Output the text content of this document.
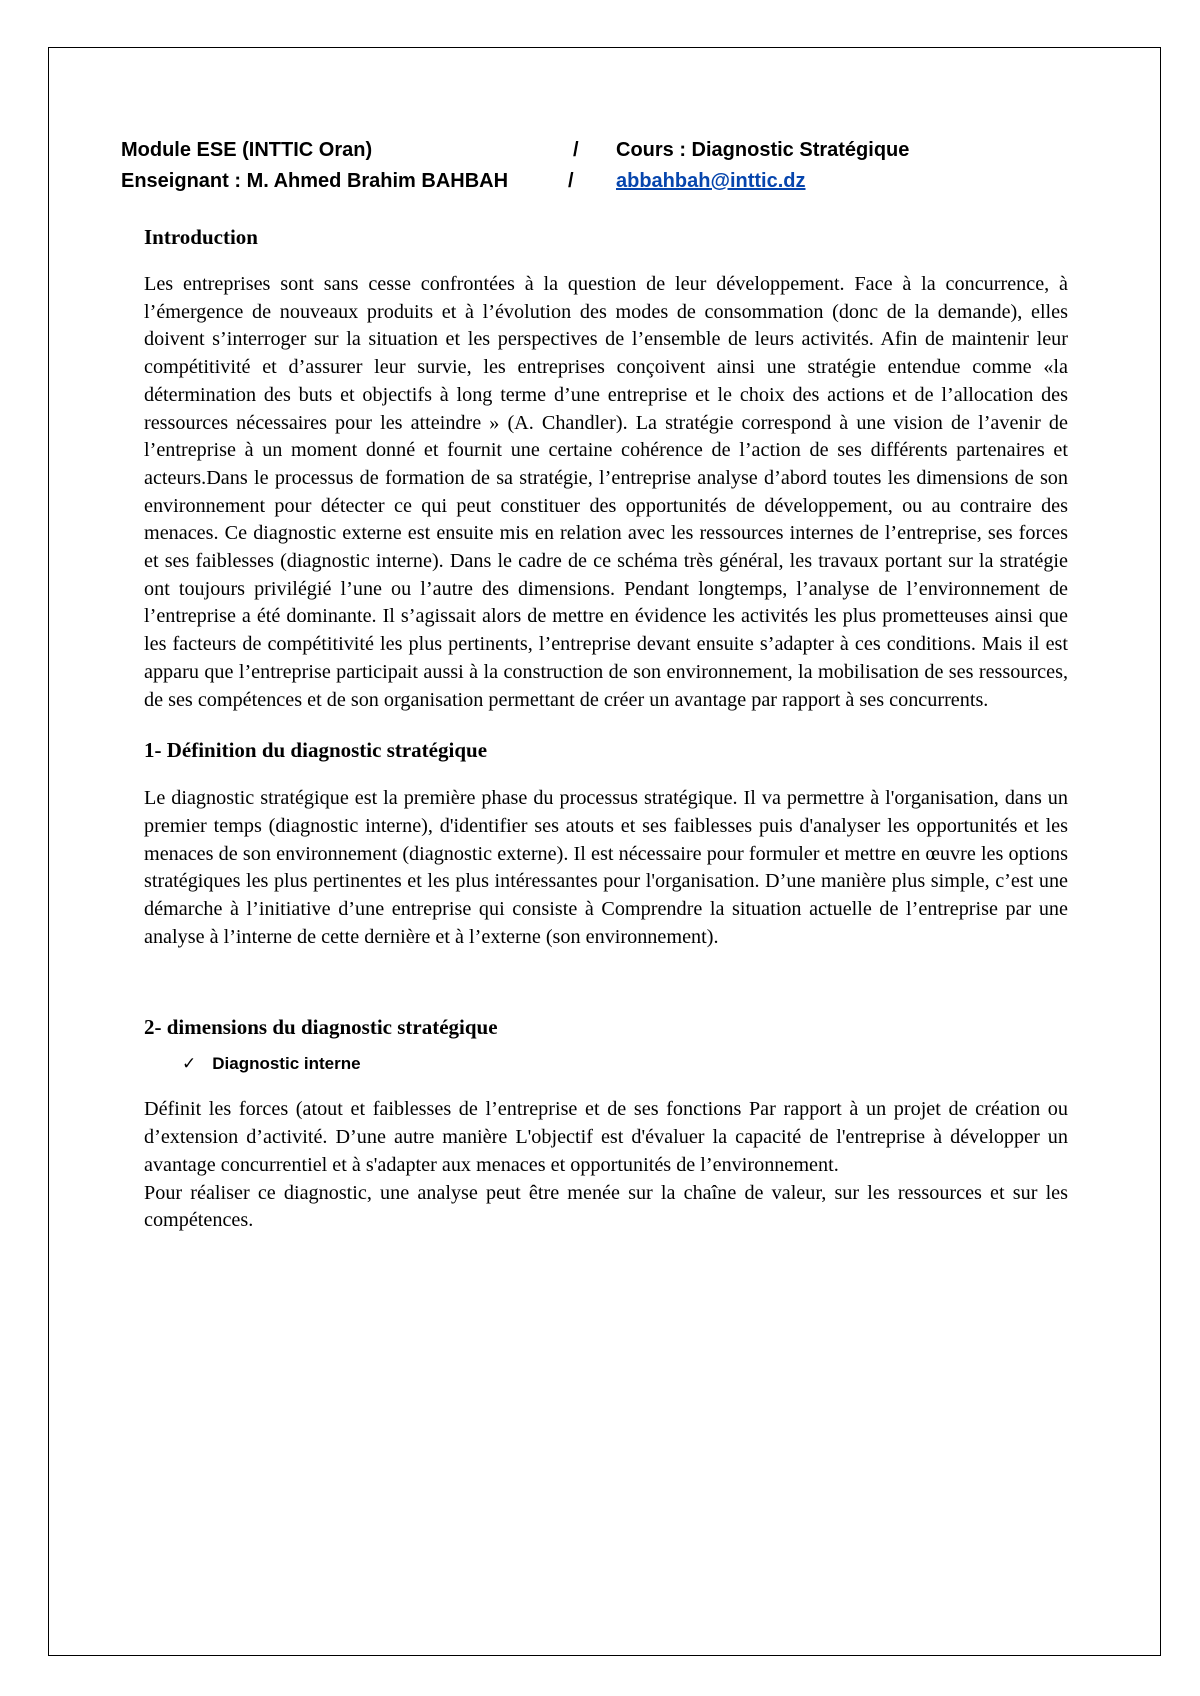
Module ESE (INTTIC Oran)	/ Cours : Diagnostic Stratégique
Enseignant : M. Ahmed Brahim BAHBAH	/ abbahbah@inttic.dz
Introduction

Les entreprises sont sans cesse confrontées à la question de leur développement. Face à la concurrence, à l’émergence de nouveaux produits et à l’évolution des modes de consommation (donc de la demande), elles doivent s’interroger sur la situation et les perspectives de l’ensemble de leurs activités. Afin de maintenir leur compétitivité et d’assurer leur survie, les entreprises conçoivent ainsi une stratégie entendue comme «la détermination des buts et objectifs à long terme d’une entreprise et le choix des actions et de l’allocation des ressources nécessaires pour les atteindre » (A. Chandler). La stratégie correspond à une vision de l’avenir de l’entreprise à un moment donné et fournit une certaine cohérence de l’action de ses différents partenaires et acteurs.Dans le processus de formation de sa stratégie, l’entreprise analyse d’abord toutes les dimensions de son environnement pour détecter ce qui peut constituer des opportunités de développement, ou au contraire des menaces. Ce diagnostic externe est ensuite mis en relation avec les ressources internes de l’entreprise, ses forces et ses faiblesses (diagnostic interne). Dans le cadre de ce schéma très général, les travaux portant sur la stratégie ont toujours privilégié l’une ou l’autre des dimensions. Pendant longtemps, l’analyse de l’environnement de l’entreprise a été dominante. Il s’agissait alors de mettre en évidence les activités les plus prometteuses ainsi que les facteurs de compétitivité les plus pertinents, l’entreprise devant ensuite s’adapter à ces conditions. Mais il est apparu que l’entreprise participait aussi à la construction de son environnement, la mobilisation de ses ressources, de ses compétences et de son organisation permettant de créer un avantage par rapport à ses concurrents.

1- Définition du diagnostic stratégique

Le diagnostic stratégique est la première phase du processus stratégique. Il va permettre à l'organisation, dans un premier temps (diagnostic interne), d'identifier ses atouts et ses faiblesses puis d'analyser les opportunités et les menaces de son environnement (diagnostic externe). Il est nécessaire pour formuler et mettre en œuvre les options stratégiques les plus pertinentes et les plus intéressantes pour l'organisation. D’une manière plus simple, c’est une démarche à l’initiative d’une entreprise qui consiste à Comprendre la situation actuelle de l’entreprise par une analyse à l’interne de cette dernière et à l’externe (son environnement).

2- dimensions du diagnostic stratégique
✓ Diagnostic interne

Définit les forces (atout et faiblesses de l’entreprise et de ses fonctions Par rapport à un projet de création ou d’extension d’activité. D’une autre manière L'objectif est d'évaluer la capacité de l'entreprise à développer un avantage concurrentiel et à s'adapter aux menaces et opportunités de l’environnement.

Pour réaliser ce diagnostic, une analyse peut être menée sur la chaîne de valeur, sur les ressources et sur les compétences.
